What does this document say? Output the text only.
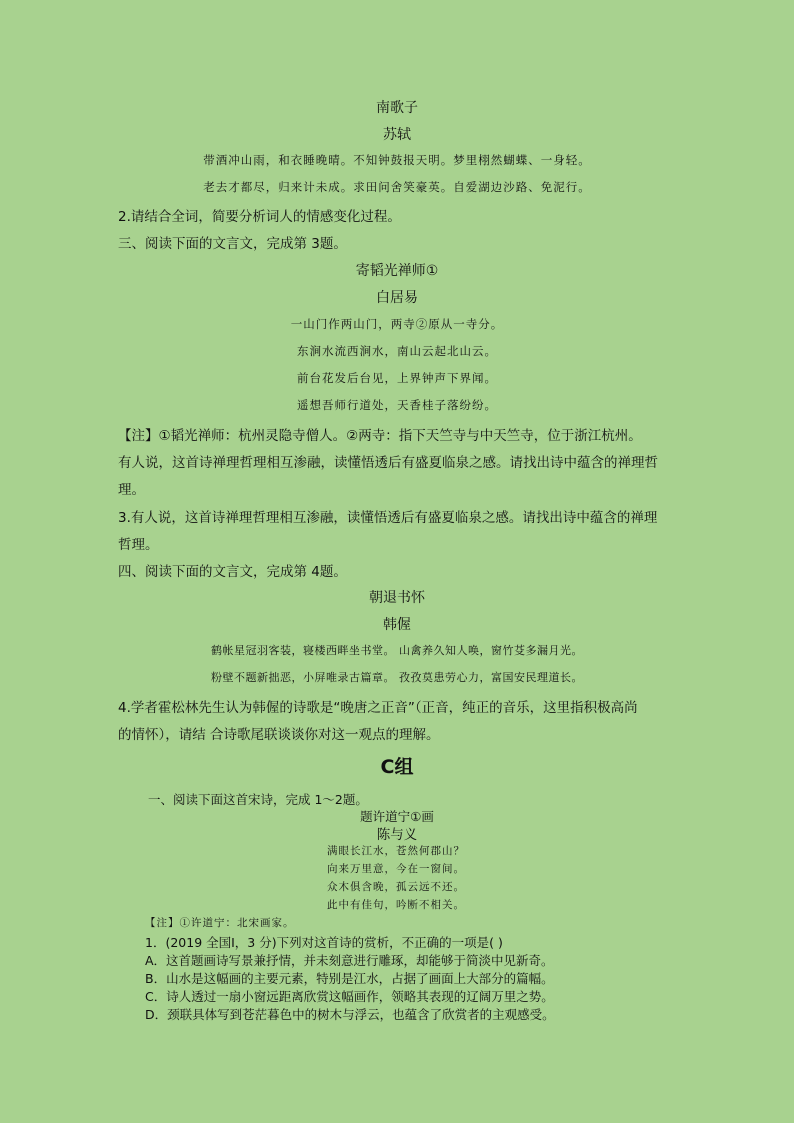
南歌子
苏轼
带酒冲山雨，和衣睡晚晴。不知钟鼓报天明。梦里栩然蝴蝶、一身轻。
老去才都尽，归来计未成。求田问舍笑豪英。自爱湖边沙路、免泥行。
2.请结合全词，简要分析词人的情感变化过程。
三、阅读下面的文言文，完成第 3题。
寄韬光禅师①
白居易
一山门作两山门，两寺②原从一寺分。
东涧水流西涧水，南山云起北山云。
前台花发后台见，上界钟声下界闻。
遥想吾师行道处，天香桂子落纷纷。
【注】①韬光禅师：杭州灵隐寺僧人。②两寺：指下天竺寺与中天竺寺，位于浙江杭州。
有人说，这首诗禅理哲理相互渗融，读懂悟透后有盛夏临泉之感。请找出诗中蕴含的禅理哲
理。
3.有人说，这首诗禅理哲理相互渗融，读懂悟透后有盛夏临泉之感。请找出诗中蕴含的禅理
哲理。
四、阅读下面的文言文，完成第 4题。
朝退书怀
韩偓
鹤帐星冠羽客装，寝楼西畔坐书堂。 山禽养久知人唤，窗竹芟多漏月光。
粉壁不题新拙恶，小屏唯录古篇章。 孜孜莫患劳心力，富国安民理道长。
4.学者霍松林先生认为韩偓的诗歌是“晚唐之正音”（正音，纯正的音乐，这里指积极高尚
的情怀），请结 合诗歌尾联谈谈你对这一观点的理解。
C组
一、阅读下面这首宋诗，完成 1～2题。
题许道宁①画
陈与义
满眼长江水，苍然何郡山？
向来万里意，今在一窗间。
众木俱含晚，孤云远不还。
此中有佳句，吟断不相关。
【注】①许道宁：北宋画家。
1．(2019 全国Ⅰ，3 分)下列对这首诗的赏析，不正确的一项是( )
A．这首题画诗写景兼抒情，并未刻意进行雕琢，却能够于简淡中见新奇。
B．山水是这幅画的主要元素，特别是江水，占据了画面上大部分的篇幅。
C．诗人透过一扇小窗远距离欣赏这幅画作，领略其表现的辽阔万里之势。
D．颈联具体写到苍茫暮色中的树木与浮云，也蕴含了欣赏者的主观感受。
